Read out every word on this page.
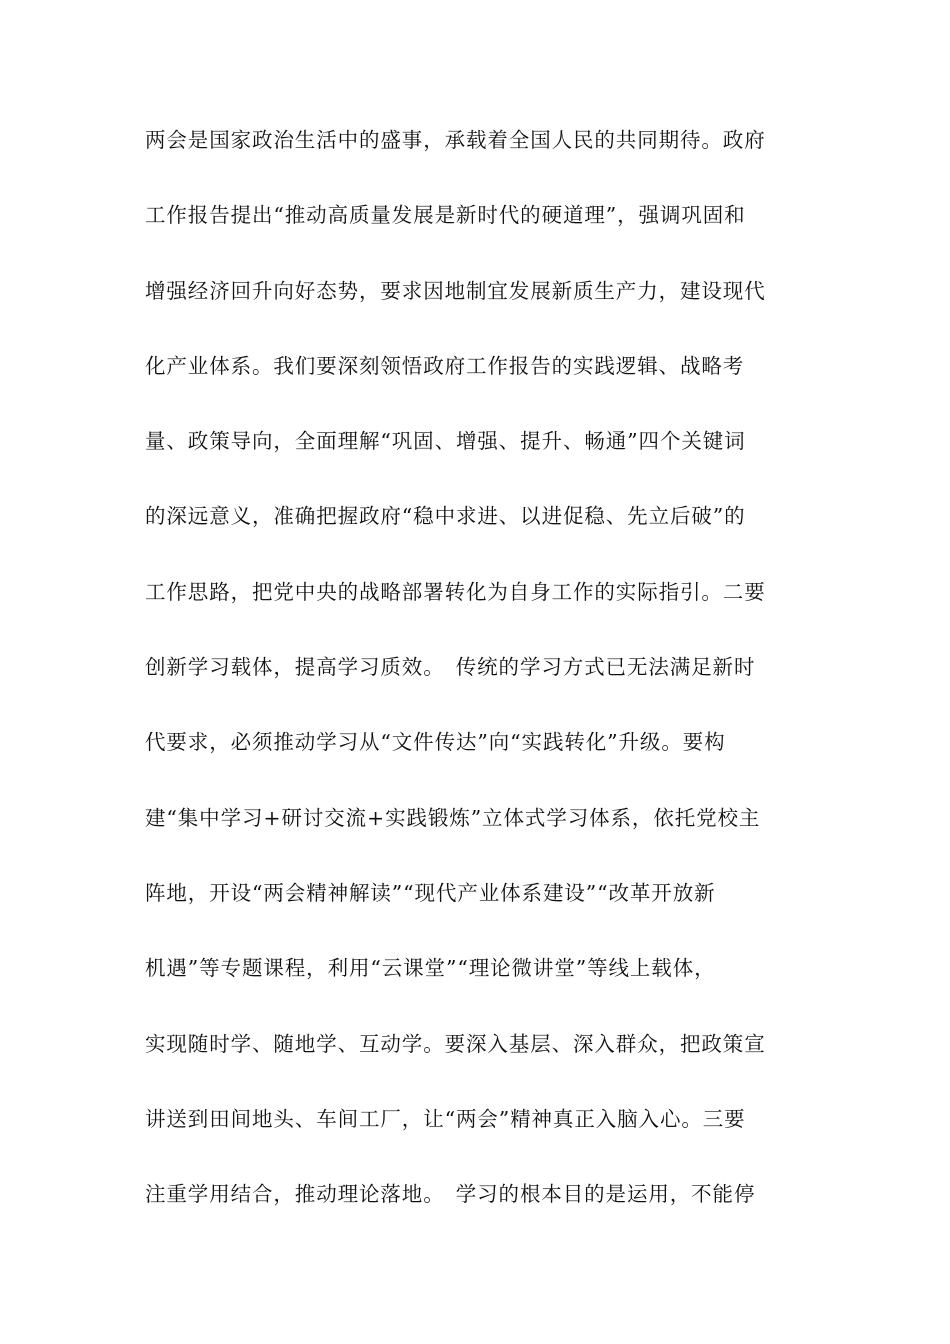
两会是国家政治生活中的盛事，承载着全国人民的共同期待。政府
工作报告提出“推动高质量发展是新时代的硬道理”，强调巩固和
增强经济回升向好态势，要求因地制宜发展新质生产力，建设现代
化产业体系。我们要深刻领悟政府工作报告的实践逻辑、战略考
量、政策导向，全面理解“巩固、增强、提升、畅通”四个关键词
的深远意义，准确把握政府“稳中求进、以进促稳、先立后破”的
工作思路，把党中央的战略部署转化为自身工作的实际指引。二要
创新学习载体，提高学习质效。　传统的学习方式已无法满足新时
代要求，必须推动学习从“文件传达”向“实践转化”升级。要构
建“集中学习+研讨交流+实践锻炼”立体式学习体系，依托党校主
阵地，开设“两会精神解读”“现代产业体系建设”“改革开放新
机遇”等专题课程，利用“云课堂”“理论微讲堂”等线上载体，
实现随时学、随地学、互动学。要深入基层、深入群众，把政策宣
讲送到田间地头、车间工厂，让“两会”精神真正入脑入心。三要
注重学用结合，推动理论落地。　学习的根本目的是运用，不能停
